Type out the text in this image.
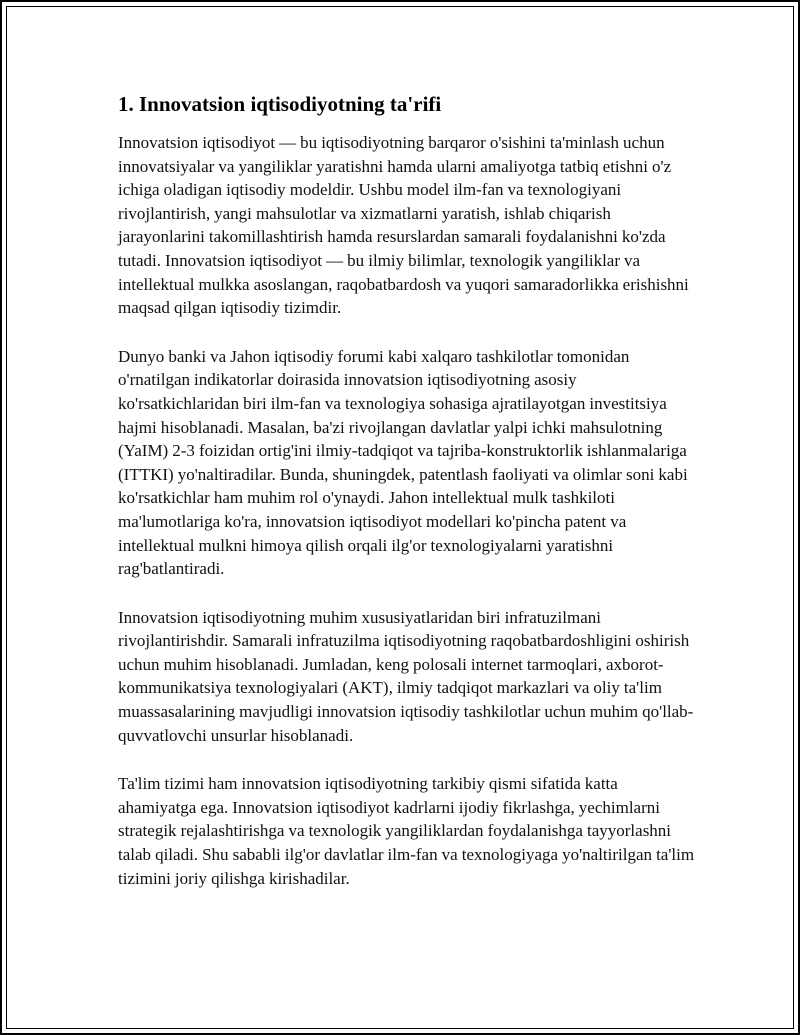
1. Innovatsion iqtisodiyotning ta'rifi

Innovatsion iqtisodiyot — bu iqtisodiyotning barqaror o'sishini ta'minlash uchun innovatsiyalar va yangiliklar yaratishni hamda ularni amaliyotga tatbiq etishni o'z ichiga oladigan iqtisodiy modeldir. Ushbu model ilm-fan va texnologiyani rivojlantirish, yangi mahsulotlar va xizmatlarni yaratish, ishlab chiqarish jarayonlarini takomillashtirish hamda resurslardan samarali foydalanishni ko'zda tutadi. Innovatsion iqtisodiyot — bu ilmiy bilimlar, texnologik yangiliklar va intellektual mulkka asoslangan, raqobatbardosh va yuqori samaradorlikka erishishni maqsad qilgan iqtisodiy tizimdir.

Dunyo banki va Jahon iqtisodiy forumi kabi xalqaro tashkilotlar tomonidan o'rnatilgan indikatorlar doirasida innovatsion iqtisodiyotning asosiy ko'rsatkichlaridan biri ilm-fan va texnologiya sohasiga ajratilayotgan investitsiya hajmi hisoblanadi. Masalan, ba'zi rivojlangan davlatlar yalpi ichki mahsulotning (YaIM) 2-3 foizidan ortig'ini ilmiy-tadqiqot va tajriba-konstruktorlik ishlanmalariga (ITTKI) yo'naltiradilar. Bunda, shuningdek, patentlash faoliyati va olimlar soni kabi ko'rsatkichlar ham muhim rol o'ynaydi. Jahon intellektual mulk tashkiloti ma'lumotlariga ko'ra, innovatsion iqtisodiyot modellari ko'pincha patent va intellektual mulkni himoya qilish orqali ilg'or texnologiyalarni yaratishni rag'batlantiradi.

Innovatsion iqtisodiyotning muhim xususiyatlaridan biri infratuzilmani rivojlantirishdir. Samarali infratuzilma iqtisodiyotning raqobatbardoshligini oshirish uchun muhim hisoblanadi. Jumladan, keng polosali internet tarmoqlari, axborot-kommunikatsiya texnologiyalari (AKT), ilmiy tadqiqot markazlari va oliy ta'lim muassasalarining mavjudligi innovatsion iqtisodiy tashkilotlar uchun muhim qo'llab-quvvatlovchi unsurlar hisoblanadi.

Ta'lim tizimi ham innovatsion iqtisodiyotning tarkibiy qismi sifatida katta ahamiyatga ega. Innovatsion iqtisodiyot kadrlarni ijodiy fikrlashga, yechimlarni strategik rejalashtirishga va texnologik yangiliklardan foydalanishga tayyorlashni talab qiladi. Shu sababli ilg'or davlatlar ilm-fan va texnologiyaga yo'naltirilgan ta'lim tizimini joriy qilishga kirishadilar.
